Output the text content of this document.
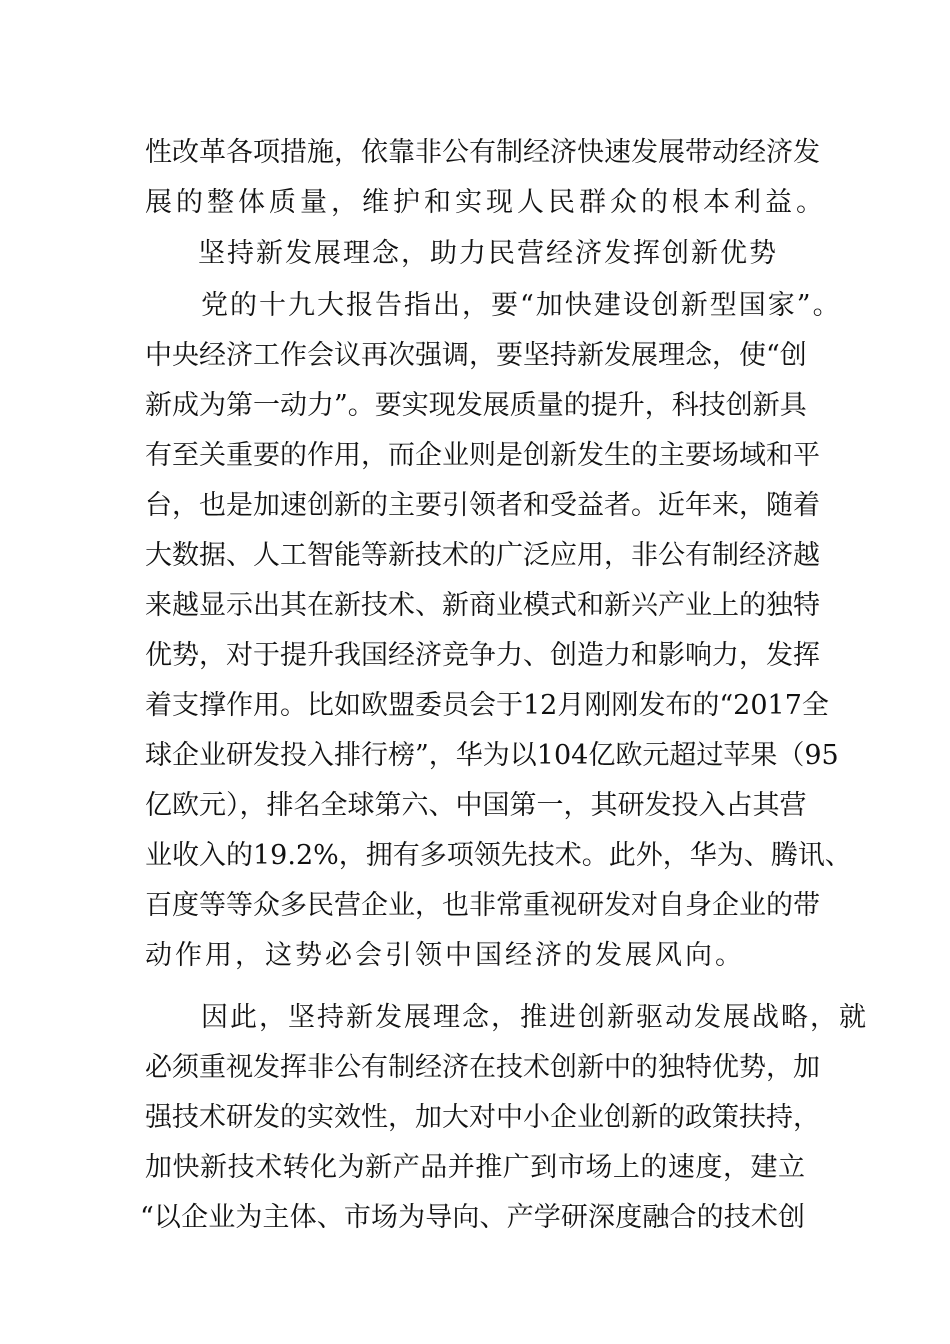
性改革各项措施，依靠非公有制经济快速发展带动经济发
展的整体质量，维护和实现人民群众的根本利益。
坚持新发展理念，助力民营经济发挥创新优势
党的十九大报告指出，要“加快建设创新型国家”。
中央经济工作会议再次强调，要坚持新发展理念，使“创
新成为第一动力”。要实现发展质量的提升，科技创新具
有至关重要的作用，而企业则是创新发生的主要场域和平
台，也是加速创新的主要引领者和受益者。近年来，随着
大数据、人工智能等新技术的广泛应用，非公有制经济越
来越显示出其在新技术、新商业模式和新兴产业上的独特
优势，对于提升我国经济竞争力、创造力和影响力，发挥
着支撑作用。比如欧盟委员会于12月刚刚发布的“2017全
球企业研发投入排行榜”，华为以104亿欧元超过苹果（95
亿欧元），排名全球第六、中国第一，其研发投入占其营
业收入的19.2%，拥有多项领先技术。此外，华为、腾讯、
百度等等众多民营企业，也非常重视研发对自身企业的带
动作用，这势必会引领中国经济的发展风向。
因此，坚持新发展理念，推进创新驱动发展战略，就
必须重视发挥非公有制经济在技术创新中的独特优势，加
强技术研发的实效性，加大对中小企业创新的政策扶持，
加快新技术转化为新产品并推广到市场上的速度，建立
“以企业为主体、市场为导向、产学研深度融合的技术创
